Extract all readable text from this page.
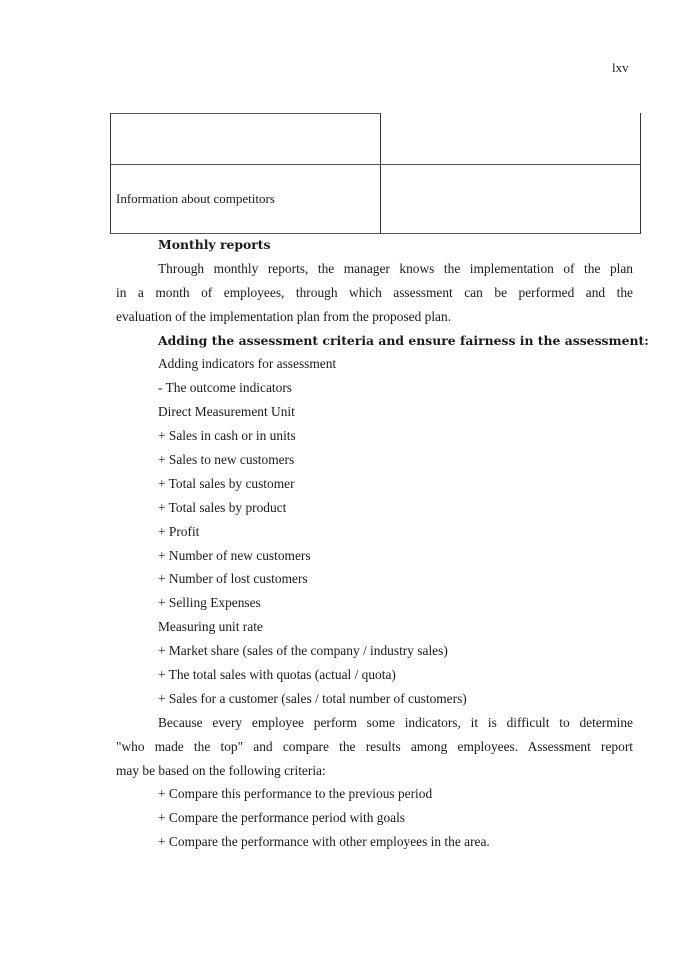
lxv
Information about competitors
Monthly reports
Through monthly reports, the manager knows the implementation of the plan
in a month of employees, through which assessment can be performed and the
evaluation of the implementation plan from the proposed plan.
Adding the assessment criteria and ensure fairness in the assessment:
Adding indicators for assessment
- The outcome indicators
Direct Measurement Unit
+ Sales in cash or in units
+ Sales to new customers
+ Total sales by customer
+ Total sales by product
+ Profit
+ Number of new customers
+ Number of lost customers
+ Selling Expenses
Measuring unit rate
+ Market share (sales of the company / industry sales)
+ The total sales with quotas (actual / quota)
+ Sales for a customer (sales / total number of customers)
Because every employee perform some indicators, it is difficult to determine
"who made the top" and compare the results among employees. Assessment report
may be based on the following criteria:
+ Compare this performance to the previous period
+ Compare the performance period with goals
+ Compare the performance with other employees in the area.
